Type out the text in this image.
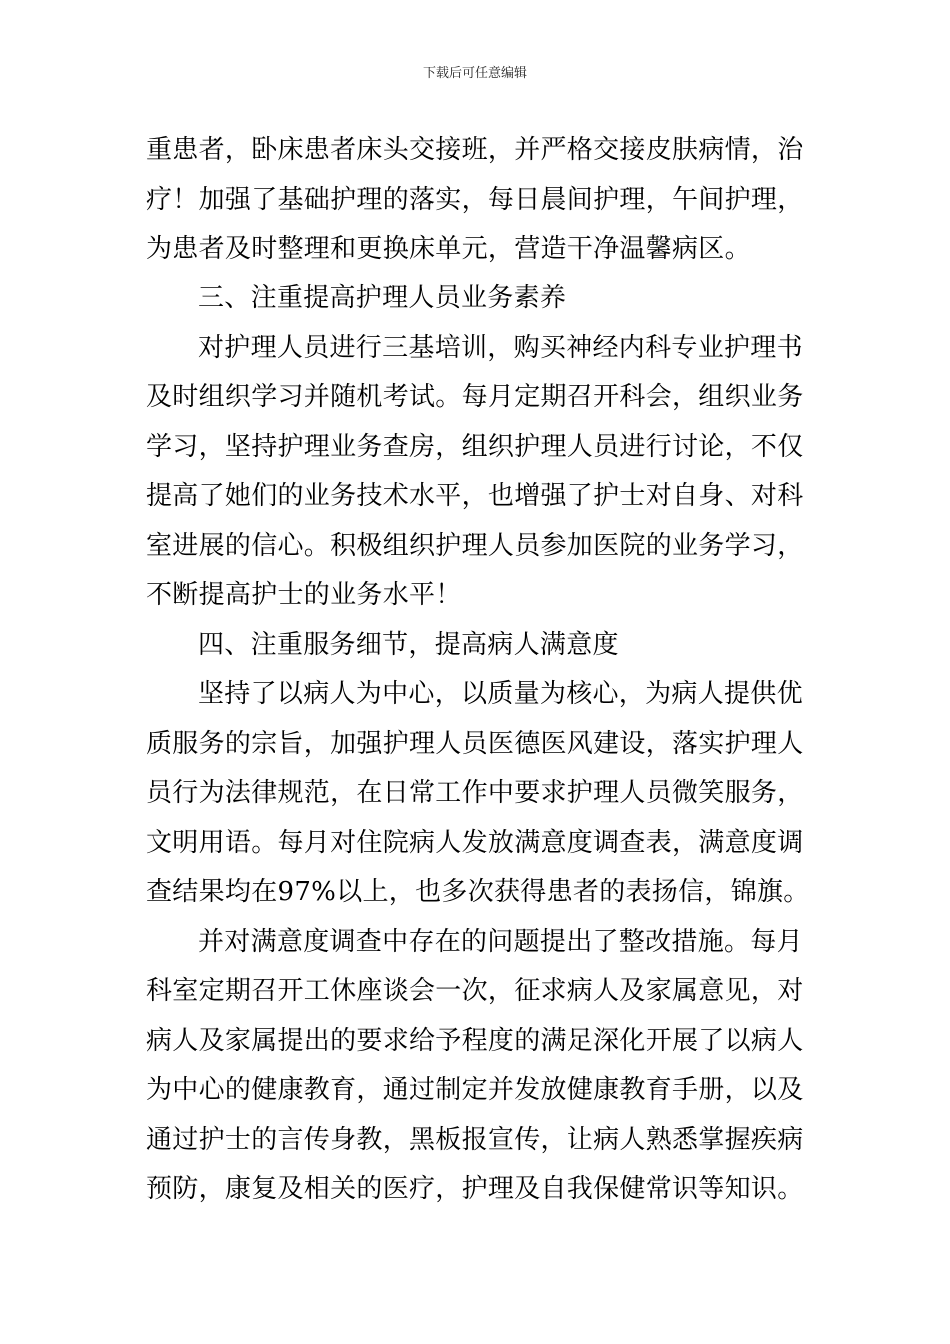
下载后可任意编辑
重患者，卧床患者床头交接班，并严格交接皮肤病情，治
疗！加强了基础护理的落实，每日晨间护理，午间护理，
为患者及时整理和更换床单元，营造干净温馨病区。
三、注重提高护理人员业务素养
对护理人员进行三基培训，购买神经内科专业护理书
及时组织学习并随机考试。每月定期召开科会，组织业务
学习，坚持护理业务查房，组织护理人员进行讨论，不仅
提高了她们的业务技术水平，也增强了护士对自身、对科
室进展的信心。积极组织护理人员参加医院的业务学习，
不断提高护士的业务水平！
四、注重服务细节，提高病人满意度
坚持了以病人为中心，以质量为核心，为病人提供优
质服务的宗旨，加强护理人员医德医风建设，落实护理人
员行为法律规范，在日常工作中要求护理人员微笑服务，
文明用语。每月对住院病人发放满意度调查表，满意度调
查结果均在97%以上，也多次获得患者的表扬信，锦旗。
并对满意度调查中存在的问题提出了整改措施。每月
科室定期召开工休座谈会一次，征求病人及家属意见，对
病人及家属提出的要求给予程度的满足深化开展了以病人
为中心的健康教育，通过制定并发放健康教育手册，以及
通过护士的言传身教，黑板报宣传，让病人熟悉掌握疾病
预防，康复及相关的医疗，护理及自我保健常识等知识。
